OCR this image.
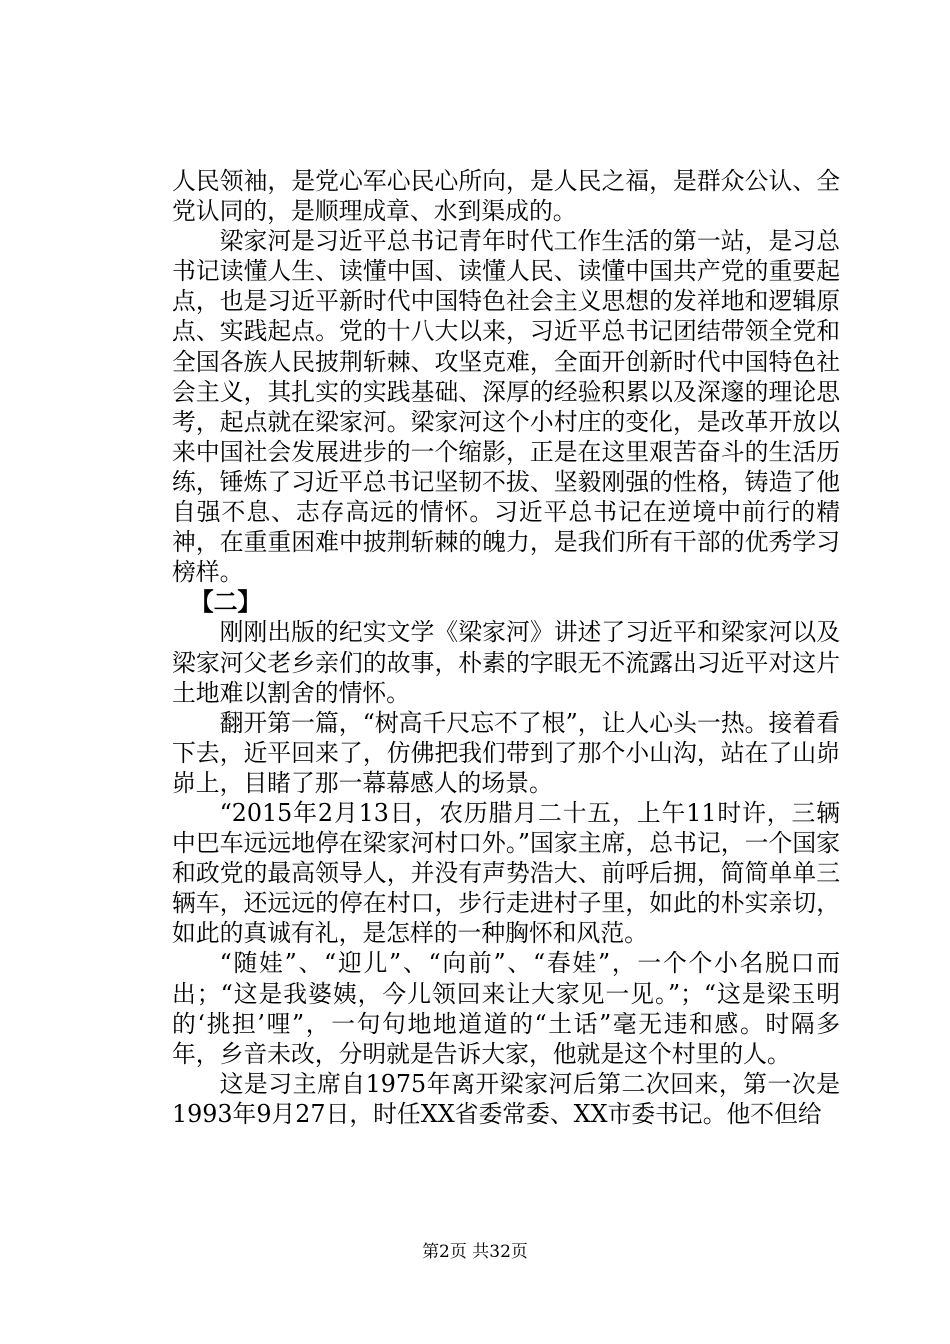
人民领袖，是党心军心民心所向，是人民之福，是群众公认、全党认同的，是顺理成章、水到渠成的。

梁家河是习近平总书记青年时代工作生活的第一站，是习总书记读懂人生、读懂中国、读懂人民、读懂中国共产党的重要起点，也是习近平新时代中国特色社会主义思想的发祥地和逻辑原点、实践起点。党的十八大以来，习近平总书记团结带领全党和全国各族人民披荆斩棘、攻坚克难，全面开创新时代中国特色社会主义，其扎实的实践基础、深厚的经验积累以及深邃的理论思考，起点就在梁家河。梁家河这个小村庄的变化，是改革开放以来中国社会发展进步的一个缩影，正是在这里艰苦奋斗的生活历练，锤炼了习近平总书记坚韧不拔、坚毅刚强的性格，铸造了他自强不息、志存高远的情怀。习近平总书记在逆境中前行的精神，在重重困难中披荆斩棘的魄力，是我们所有干部的优秀学习榜样。

【二】

刚刚出版的纪实文学《梁家河》讲述了习近平和梁家河以及梁家河父老乡亲们的故事，朴素的字眼无不流露出习近平对这片土地难以割舍的情怀。

翻开第一篇，“树高千尺忘不了根”，让人心头一热。接着看下去，近平回来了，仿佛把我们带到了那个小山沟，站在了山峁峁上，目睹了那一幕幕感人的场景。

“2015年2月13日，农历腊月二十五，上午11时许，三辆中巴车远远地停在梁家河村口外。”国家主席，总书记，一个国家和政党的最高领导人，并没有声势浩大、前呼后拥，简简单单三辆车，还远远的停在村口，步行走进村子里，如此的朴实亲切，如此的真诚有礼，是怎样的一种胸怀和风范。

“随娃”、“迎儿”、“向前”、“春娃”，一个个小名脱口而出；“这是我婆姨，今儿领回来让大家见一见。”；“这是梁玉明的‘挑担’哩”，一句句地地道道的“土话”毫无违和感。时隔多年，乡音未改，分明就是告诉大家，他就是这个村里的人。

这是习主席自1975年离开梁家河后第二次回来，第一次是1993年9月27日，时任XX省委常委、XX市委书记。他不但给

第2页 共32页
